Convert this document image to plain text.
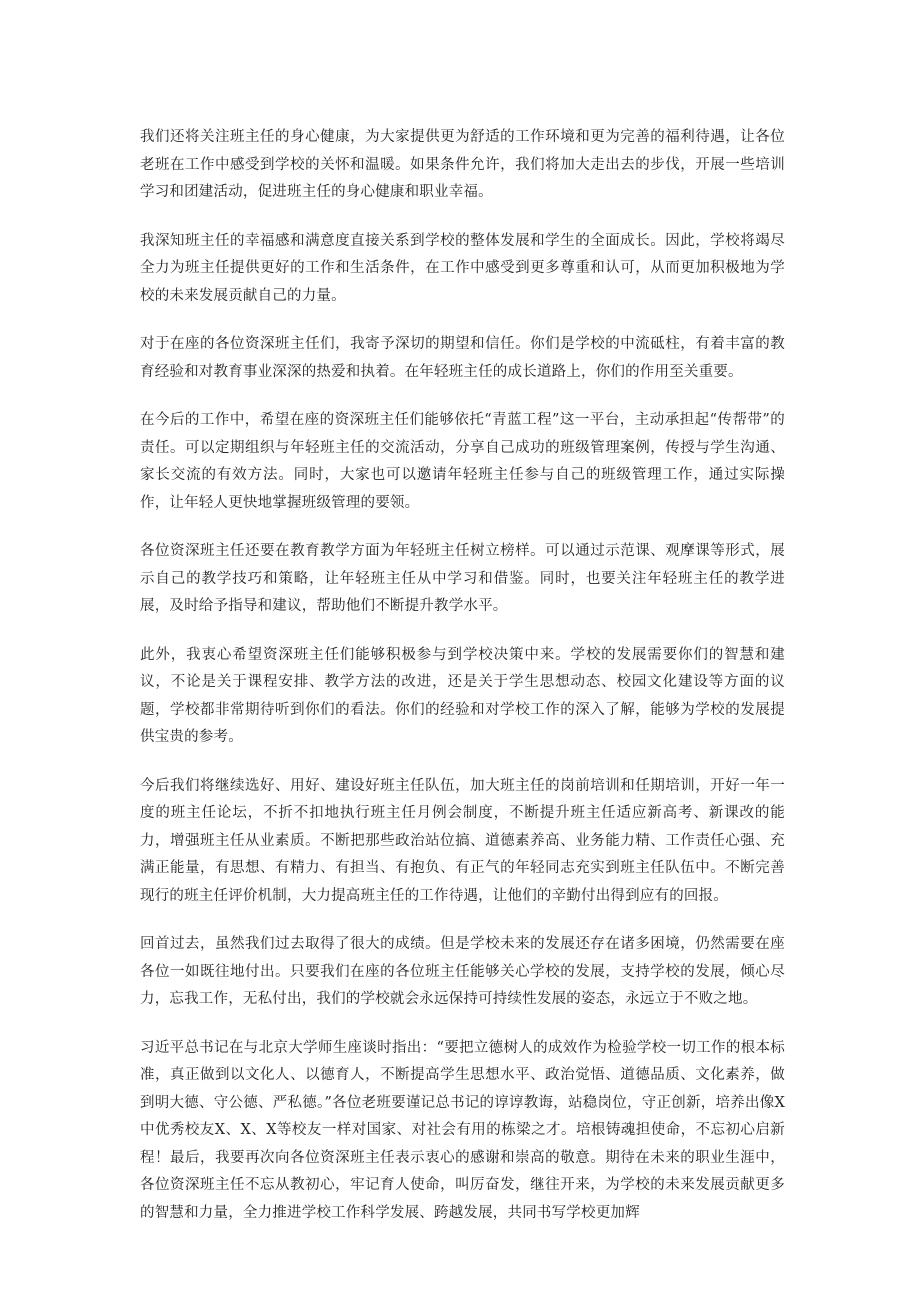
我们还将关注班主任的身心健康，为大家提供更为舒适的工作环境和更为完善的福利待遇，让各位老班在工作中感受到学校的关怀和温暖。如果条件允许，我们将加大走出去的步伐，开展一些培训学习和团建活动，促进班主任的身心健康和职业幸福。

我深知班主任的幸福感和满意度直接关系到学校的整体发展和学生的全面成长。因此，学校将竭尽全力为班主任提供更好的工作和生活条件，在工作中感受到更多尊重和认可，从而更加积极地为学校的未来发展贡献自己的力量。

对于在座的各位资深班主任们，我寄予深切的期望和信任。你们是学校的中流砥柱，有着丰富的教育经验和对教育事业深深的热爱和执着。在年轻班主任的成长道路上，你们的作用至关重要。

在今后的工作中，希望在座的资深班主任们能够依托“青蓝工程”这一平台，主动承担起“传帮带”的责任。可以定期组织与年轻班主任的交流活动，分享自己成功的班级管理案例，传授与学生沟通、家长交流的有效方法。同时，大家也可以邀请年轻班主任参与自己的班级管理工作，通过实际操作，让年轻人更快地掌握班级管理的要领。

各位资深班主任还要在教育教学方面为年轻班主任树立榜样。可以通过示范课、观摩课等形式，展示自己的教学技巧和策略，让年轻班主任从中学习和借鉴。同时，也要关注年轻班主任的教学进展，及时给予指导和建议，帮助他们不断提升教学水平。

此外，我衷心希望资深班主任们能够积极参与到学校决策中来。学校的发展需要你们的智慧和建议，不论是关于课程安排、教学方法的改进，还是关于学生思想动态、校园文化建设等方面的议题，学校都非常期待听到你们的看法。你们的经验和对学校工作的深入了解，能够为学校的发展提供宝贵的参考。

今后我们将继续选好、用好、建设好班主任队伍，加大班主任的岗前培训和任期培训，开好一年一度的班主任论坛，不折不扣地执行班主任月例会制度，不断提升班主任适应新高考、新课改的能力，增强班主任从业素质。不断把那些政治站位搞、道德素养高、业务能力精、工作责任心强、充满正能量，有思想、有精力、有担当、有抱负、有正气的年轻同志充实到班主任队伍中。不断完善现行的班主任评价机制，大力提高班主任的工作待遇，让他们的辛勤付出得到应有的回报。

回首过去，虽然我们过去取得了很大的成绩。但是学校未来的发展还存在诸多困境，仍然需要在座各位一如既往地付出。只要我们在座的各位班主任能够关心学校的发展，支持学校的发展，倾心尽力，忘我工作，无私付出，我们的学校就会永远保持可持续性发展的姿态，永远立于不败之地。

习近平总书记在与北京大学师生座谈时指出：“要把立德树人的成效作为检验学校一切工作的根本标准，真正做到以文化人、以德育人，不断提高学生思想水平、政治觉悟、道德品质、文化素养，做到明大德、守公德、严私德。”各位老班要谨记总书记的谆谆教诲，站稳岗位，守正创新，培养出像X中优秀校友X、X、X等校友一样对国家、对社会有用的栋梁之才。培根铸魂担使命，不忘初心启新程！最后，我要再次向各位资深班主任表示衷心的感谢和崇高的敬意。期待在未来的职业生涯中，各位资深班主任不忘从教初心，牢记育人使命，叫厉奋发，继往开来，为学校的未来发展贡献更多的智慧和力量，全力推进学校工作科学发展、跨越发展，共同书写学校更加辉
